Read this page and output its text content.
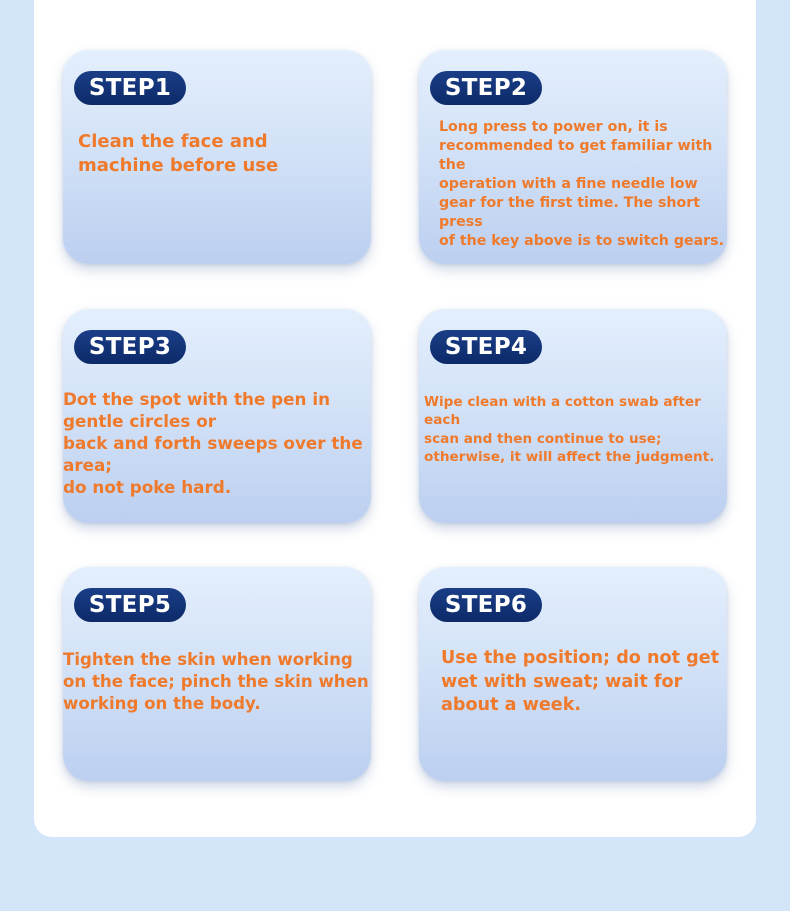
STEP1
Clean the face and
machine before use
STEP2
Long press to power on, it is
recommended to get familiar with the
operation with a fine needle low
gear for the first time. The short press
of the key above is to switch gears.
STEP3
Dot the spot with the pen in
gentle circles or
back and forth sweeps over the
area;
do not poke hard.
STEP4
Wipe clean with a cotton swab after each
scan and then continue to use;
otherwise, it will affect the judgment.
STEP5
Tighten the skin when working
on the face; pinch the skin when
working on the body.
STEP6
Use the position; do not get
wet with sweat; wait for
about a week.
